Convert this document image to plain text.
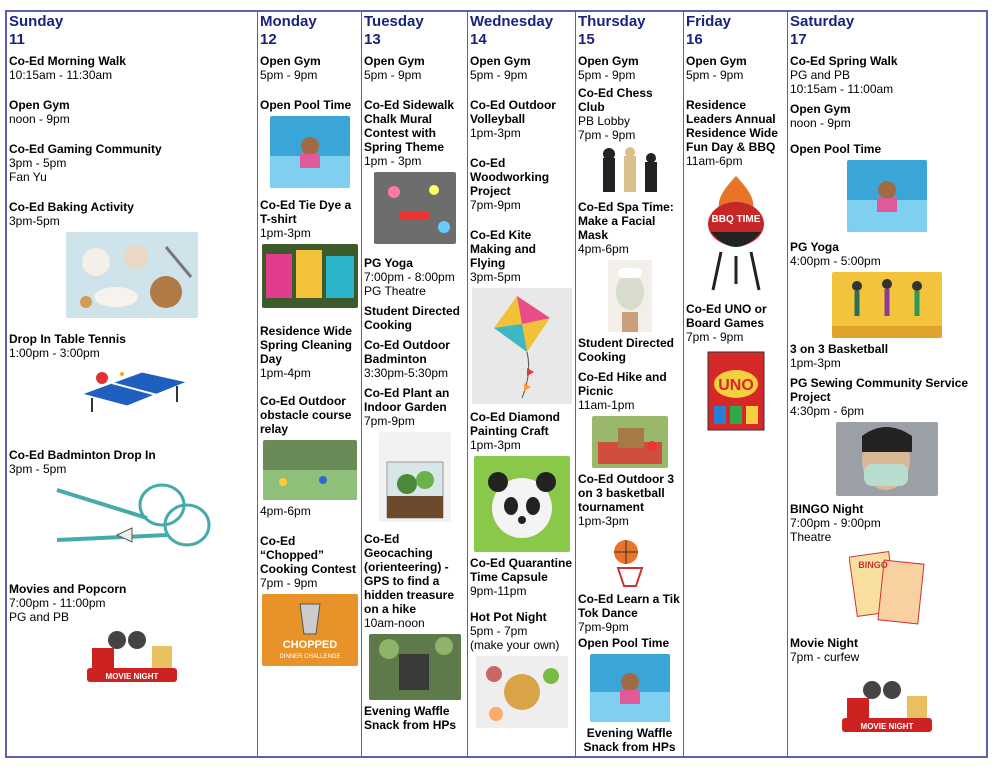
Sunday
11
Co-Ed Morning Walk
10:15am - 11:30am
Open Gym
noon - 9pm
Co-Ed Gaming Community
3pm - 5pm
Fan Yu
Co-Ed Baking Activity
3pm-5pm
Drop In Table Tennis
1:00pm - 3:00pm
Co-Ed Badminton Drop In
3pm - 5pm
Movies and Popcorn
7:00pm - 11:00pm
PG and PB
MOVIE NIGHT
Monday
12
Open Gym
5pm - 9pm
Open Pool Time
Co-Ed Tie Dye a T-shirt
1pm-3pm
Residence Wide Spring Cleaning Day
1pm-4pm
Co-Ed Outdoor obstacle course relay
4pm-6pm
Co-Ed “Chopped” Cooking Contest
7pm - 9pm
CHOPPED
DINNER CHALLENGE
Tuesday
13
Open Gym
5pm - 9pm
Co-Ed Sidewalk Chalk Mural Contest with Spring Theme
1pm - 3pm
PG Yoga
7:00pm - 8:00pm
PG Theatre
Student Directed Cooking
Co-Ed Outdoor Badminton
3:30pm-5:30pm
Co-Ed Plant an Indoor Garden
7pm-9pm
Co-Ed Geocaching (orienteering) - GPS to find a hidden treasure on a hike
10am-noon
Evening Waffle Snack from HPs
Wednesday
14
Open Gym
5pm - 9pm
Co-Ed Outdoor Volleyball
1pm-3pm
Co-Ed Woodworking Project
7pm-9pm
Co-Ed Kite Making and Flying
3pm-5pm
Co-Ed Diamond Painting Craft
1pm-3pm
Co-Ed Quarantine Time Capsule
9pm-11pm
Hot Pot Night
5pm - 7pm
(make your own)
Thursday
15
Open Gym
5pm - 9pm
Co-Ed Chess Club
PB Lobby
7pm - 9pm
Co-Ed Spa Time: Make a Facial Mask
4pm-6pm
Student Directed Cooking
Co-Ed Hike and Picnic
11am-1pm
Co-Ed Outdoor 3 on 3 basketball tournament
1pm-3pm
Co-Ed Learn a Tik Tok Dance
7pm-9pm
Open Pool Time
Evening Waffle Snack from HPs
Friday
16
Open Gym
5pm - 9pm
Residence Leaders Annual Residence Wide Fun Day & BBQ
11am-6pm
BBQ TIME
Co-Ed UNO or Board Games
7pm - 9pm
UNO
Saturday
17
Co-Ed Spring Walk
PG and PB
10:15am - 11:00am
Open Gym
noon - 9pm
Open Pool Time
PG Yoga
4:00pm - 5:00pm
3 on 3 Basketball
1pm-3pm
PG Sewing Community Service Project
4:30pm - 6pm
BINGO Night
7:00pm - 9:00pm
Theatre
BINGO
Movie Night
7pm - curfew
MOVIE NIGHT
